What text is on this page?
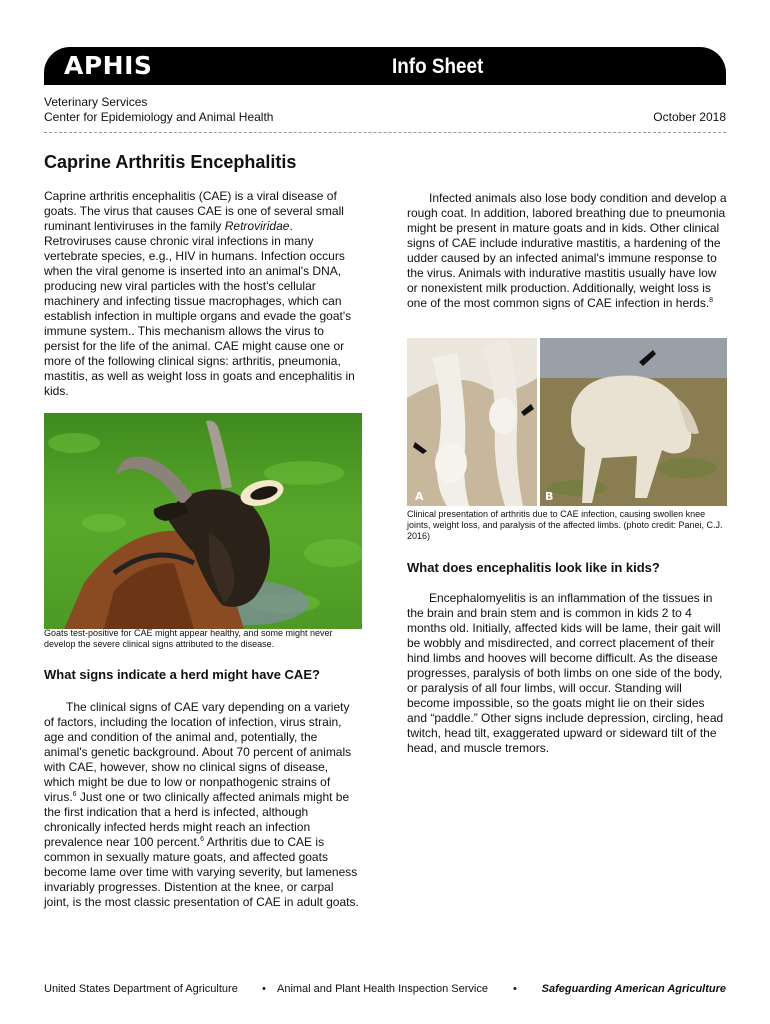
APHIS	Info Sheet
Veterinary Services
Center for Epidemiology and Animal Health	October 2018
Caprine Arthritis Encephalitis

Caprine arthritis encephalitis (CAE) is a viral disease of goats. The virus that causes CAE is one of several small ruminant lentiviruses in the family Retroviridae. Retroviruses cause chronic viral infections in many vertebrate species, e.g., HIV in humans. Infection occurs when the viral genome is inserted into an animal's DNA, producing new viral particles with the host's cellular machinery and infecting tissue macrophages, which can establish infection in multiple organs and evade the goat's immune system.. This mechanism allows the virus to persist for the life of the animal. CAE might cause one or more of the following clinical signs: arthritis, pneumonia, mastitis, as well as weight loss in goats and encephalitis in kids.

Goats test-positive for CAE might appear healthy, and some might never develop the severe clinical signs attributed to the disease.

What signs indicate a herd might have CAE?

The clinical signs of CAE vary depending on a variety of factors, including the location of infection, virus strain, age and condition of the animal and, potentially, the animal's genetic background. About 70 percent of animals with CAE, however, show no clinical signs of disease, which might be due to low or nonpathogenic strains of virus.$^6$ Just one or two clinically affected animals might be the first indication that a herd is infected, although chronically infected herds might reach an infection prevalence near 100 percent.$^6$ Arthritis due to CAE is common in sexually mature goats, and affected goats become lame over time with varying severity, but lameness invariably progresses. Distention at the knee, or carpal joint, is the most classic presentation of CAE in adult goats.

Infected animals also lose body condition and develop a rough coat. In addition, labored breathing due to pneumonia might be present in mature goats and in kids. Other clinical signs of CAE include indurative mastitis, a hardening of the udder caused by an infected animal's immune response to the virus. Animals with indurative mastitis usually have low or nonexistent milk production. Additionally, weight loss is one of the most common signs of CAE infection in herds.$^8$

A	B

Clinical presentation of arthritis due to CAE infection, causing swollen knee joints, weight loss, and paralysis of the affected limbs. (photo credit: Panei, C.J. 2016)

What does encephalitis look like in kids?

Encephalomyelitis is an inflammation of the tissues in the brain and brain stem and is common in kids 2 to 4 months old. Initially, affected kids will be lame, their gait will be wobbly and misdirected, and correct placement of their hind limbs and hooves will become difficult. As the disease progresses, paralysis of both limbs on one side of the body, or paralysis of all four limbs, will occur. Standing will become impossible, so the goats might lie on their sides and “paddle.” Other signs include depression, circling, head twitch, head tilt, exaggerated upward or sideward tilt of the head, and muscle tremors.

United States Department of Agriculture • Animal and Plant Health Inspection Service • Safeguarding American Agriculture
